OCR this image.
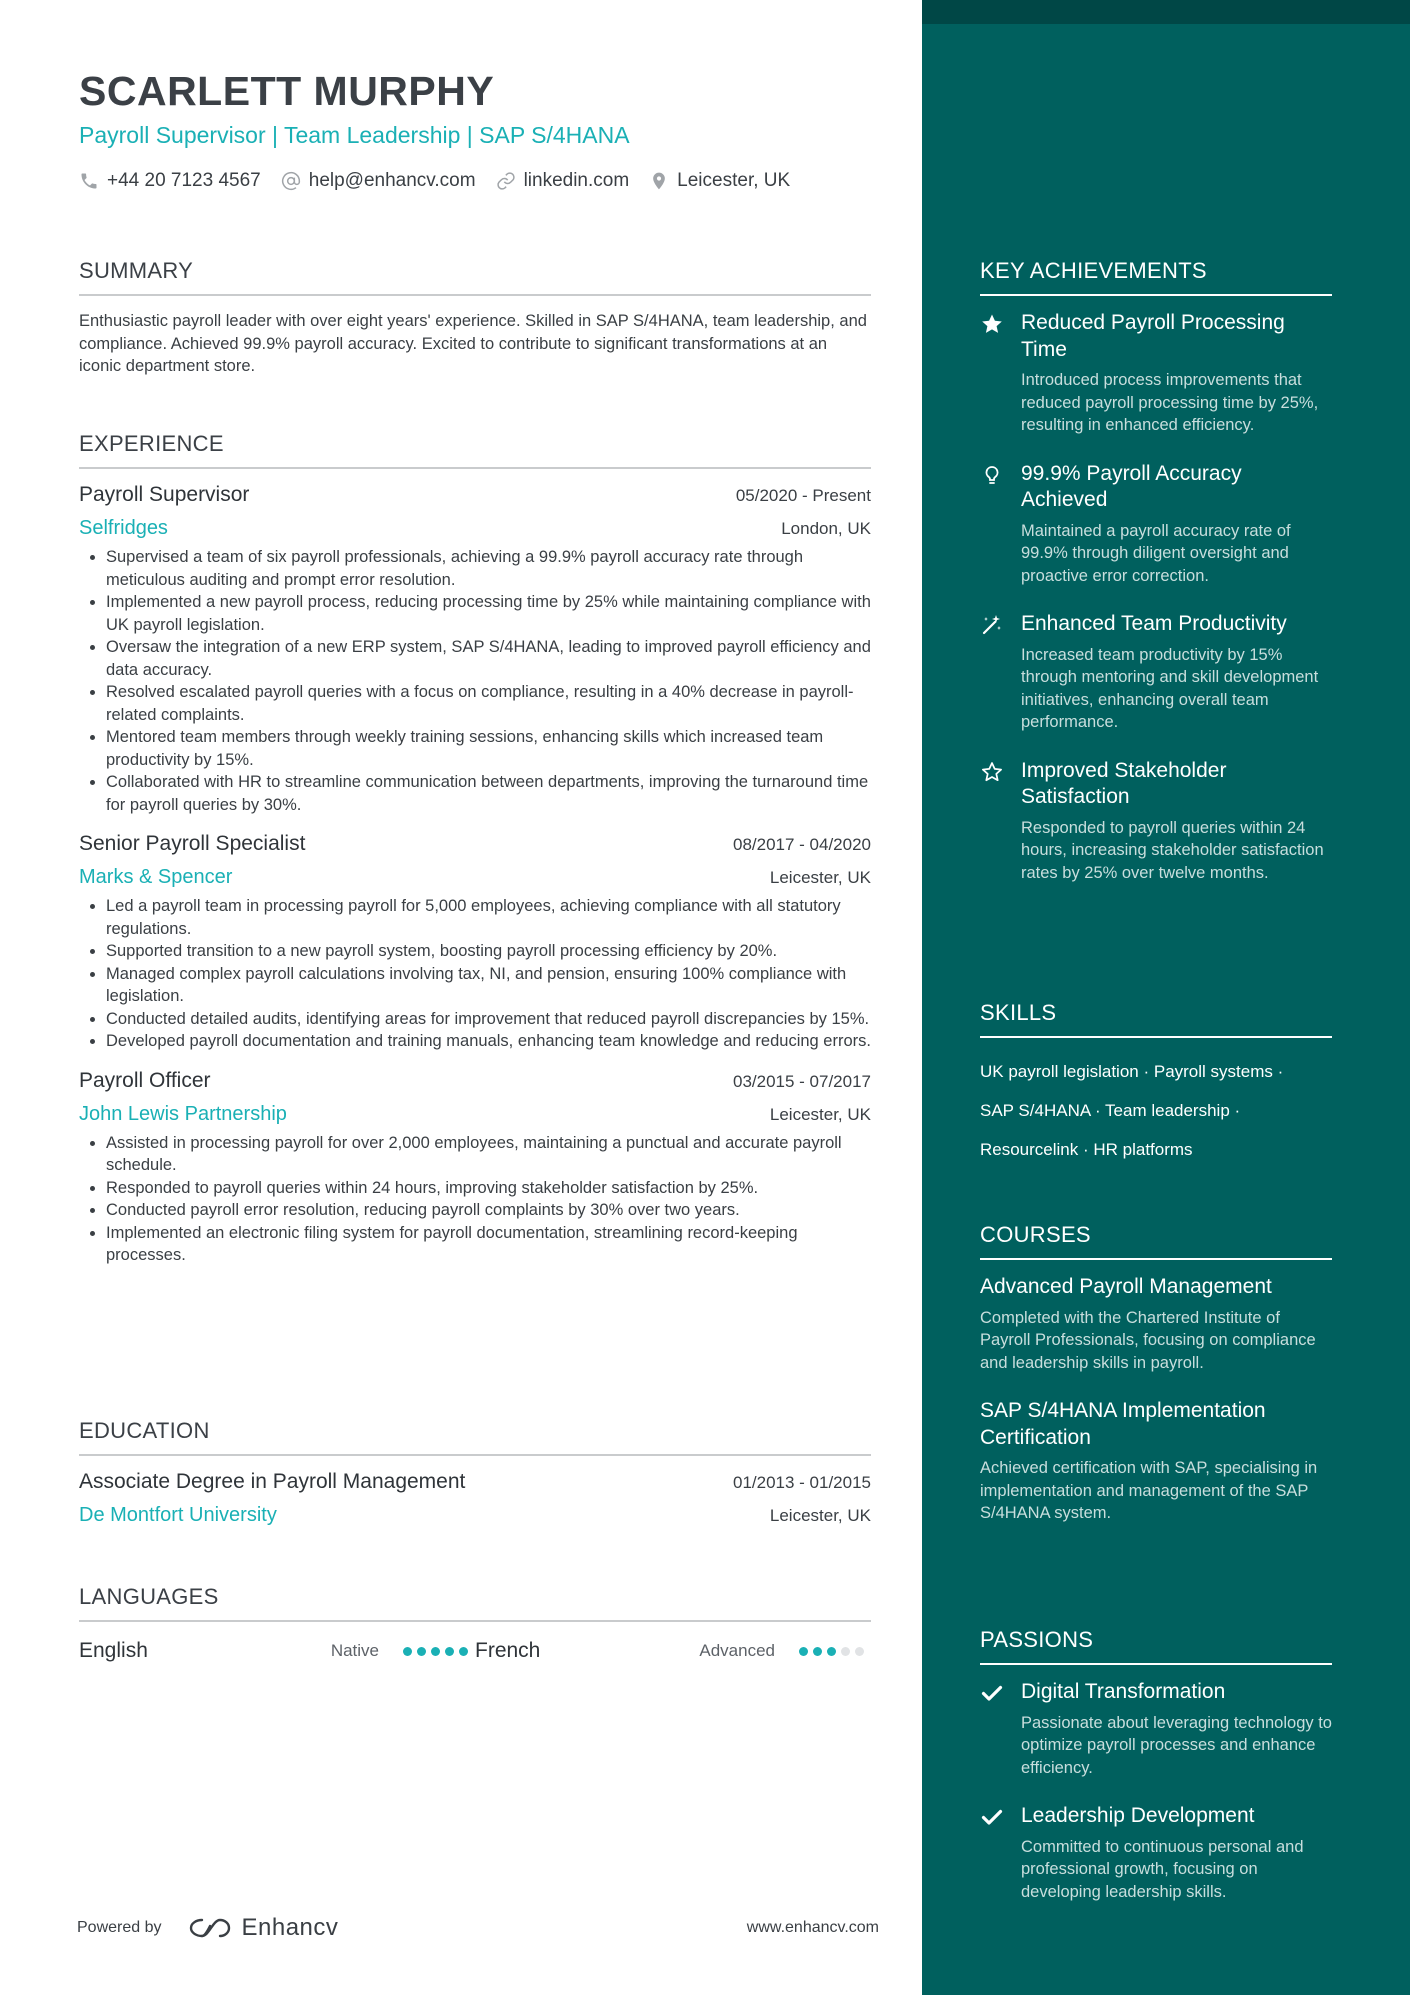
SCARLETT MURPHY
Payroll Supervisor | Team Leadership | SAP S/4HANA
+44 20 7123 4567	help@enhancv.com	linkedin.com	Leicester, UK
SUMMARY
Enthusiastic payroll leader with over eight years' experience. Skilled in SAP S/4HANA, team leadership, and compliance. Achieved 99.9% payroll accuracy. Excited to contribute to significant transformations at an iconic department store.
EXPERIENCE
Payroll Supervisor	05/2020 - Present
Selfridges	London, UK
• Supervised a team of six payroll professionals, achieving a 99.9% payroll accuracy rate through meticulous auditing and prompt error resolution.
• Implemented a new payroll process, reducing processing time by 25% while maintaining compliance with UK payroll legislation.
• Oversaw the integration of a new ERP system, SAP S/4HANA, leading to improved payroll efficiency and data accuracy.
• Resolved escalated payroll queries with a focus on compliance, resulting in a 40% decrease in payroll-related complaints.
• Mentored team members through weekly training sessions, enhancing skills which increased team productivity by 15%.
• Collaborated with HR to streamline communication between departments, improving the turnaround time for payroll queries by 30%.
Senior Payroll Specialist	08/2017 - 04/2020
Marks & Spencer	Leicester, UK
• Led a payroll team in processing payroll for 5,000 employees, achieving compliance with all statutory regulations.
• Supported transition to a new payroll system, boosting payroll processing efficiency by 20%.
• Managed complex payroll calculations involving tax, NI, and pension, ensuring 100% compliance with legislation.
• Conducted detailed audits, identifying areas for improvement that reduced payroll discrepancies by 15%.
• Developed payroll documentation and training manuals, enhancing team knowledge and reducing errors.
Payroll Officer	03/2015 - 07/2017
John Lewis Partnership	Leicester, UK
• Assisted in processing payroll for over 2,000 employees, maintaining a punctual and accurate payroll schedule.
• Responded to payroll queries within 24 hours, improving stakeholder satisfaction by 25%.
• Conducted payroll error resolution, reducing payroll complaints by 30% over two years.
• Implemented an electronic filing system for payroll documentation, streamlining record-keeping processes.
EDUCATION
Associate Degree in Payroll Management	01/2013 - 01/2015
De Montfort University	Leicester, UK
LANGUAGES
English	Native	French	Advanced
Powered by	Enhancv	www.enhancv.com
KEY ACHIEVEMENTS
Reduced Payroll Processing Time
Introduced process improvements that reduced payroll processing time by 25%, resulting in enhanced efficiency.
99.9% Payroll Accuracy Achieved
Maintained a payroll accuracy rate of 99.9% through diligent oversight and proactive error correction.
Enhanced Team Productivity
Increased team productivity by 15% through mentoring and skill development initiatives, enhancing overall team performance.
Improved Stakeholder Satisfaction
Responded to payroll queries within 24 hours, increasing stakeholder satisfaction rates by 25% over twelve months.
SKILLS
UK payroll legislation · Payroll systems ·
SAP S/4HANA · Team leadership ·
Resourcelink · HR platforms
COURSES
Advanced Payroll Management
Completed with the Chartered Institute of Payroll Professionals, focusing on compliance and leadership skills in payroll.
SAP S/4HANA Implementation Certification
Achieved certification with SAP, specialising in implementation and management of the SAP S/4HANA system.
PASSIONS
Digital Transformation
Passionate about leveraging technology to optimize payroll processes and enhance efficiency.
Leadership Development
Committed to continuous personal and professional growth, focusing on developing leadership skills.
